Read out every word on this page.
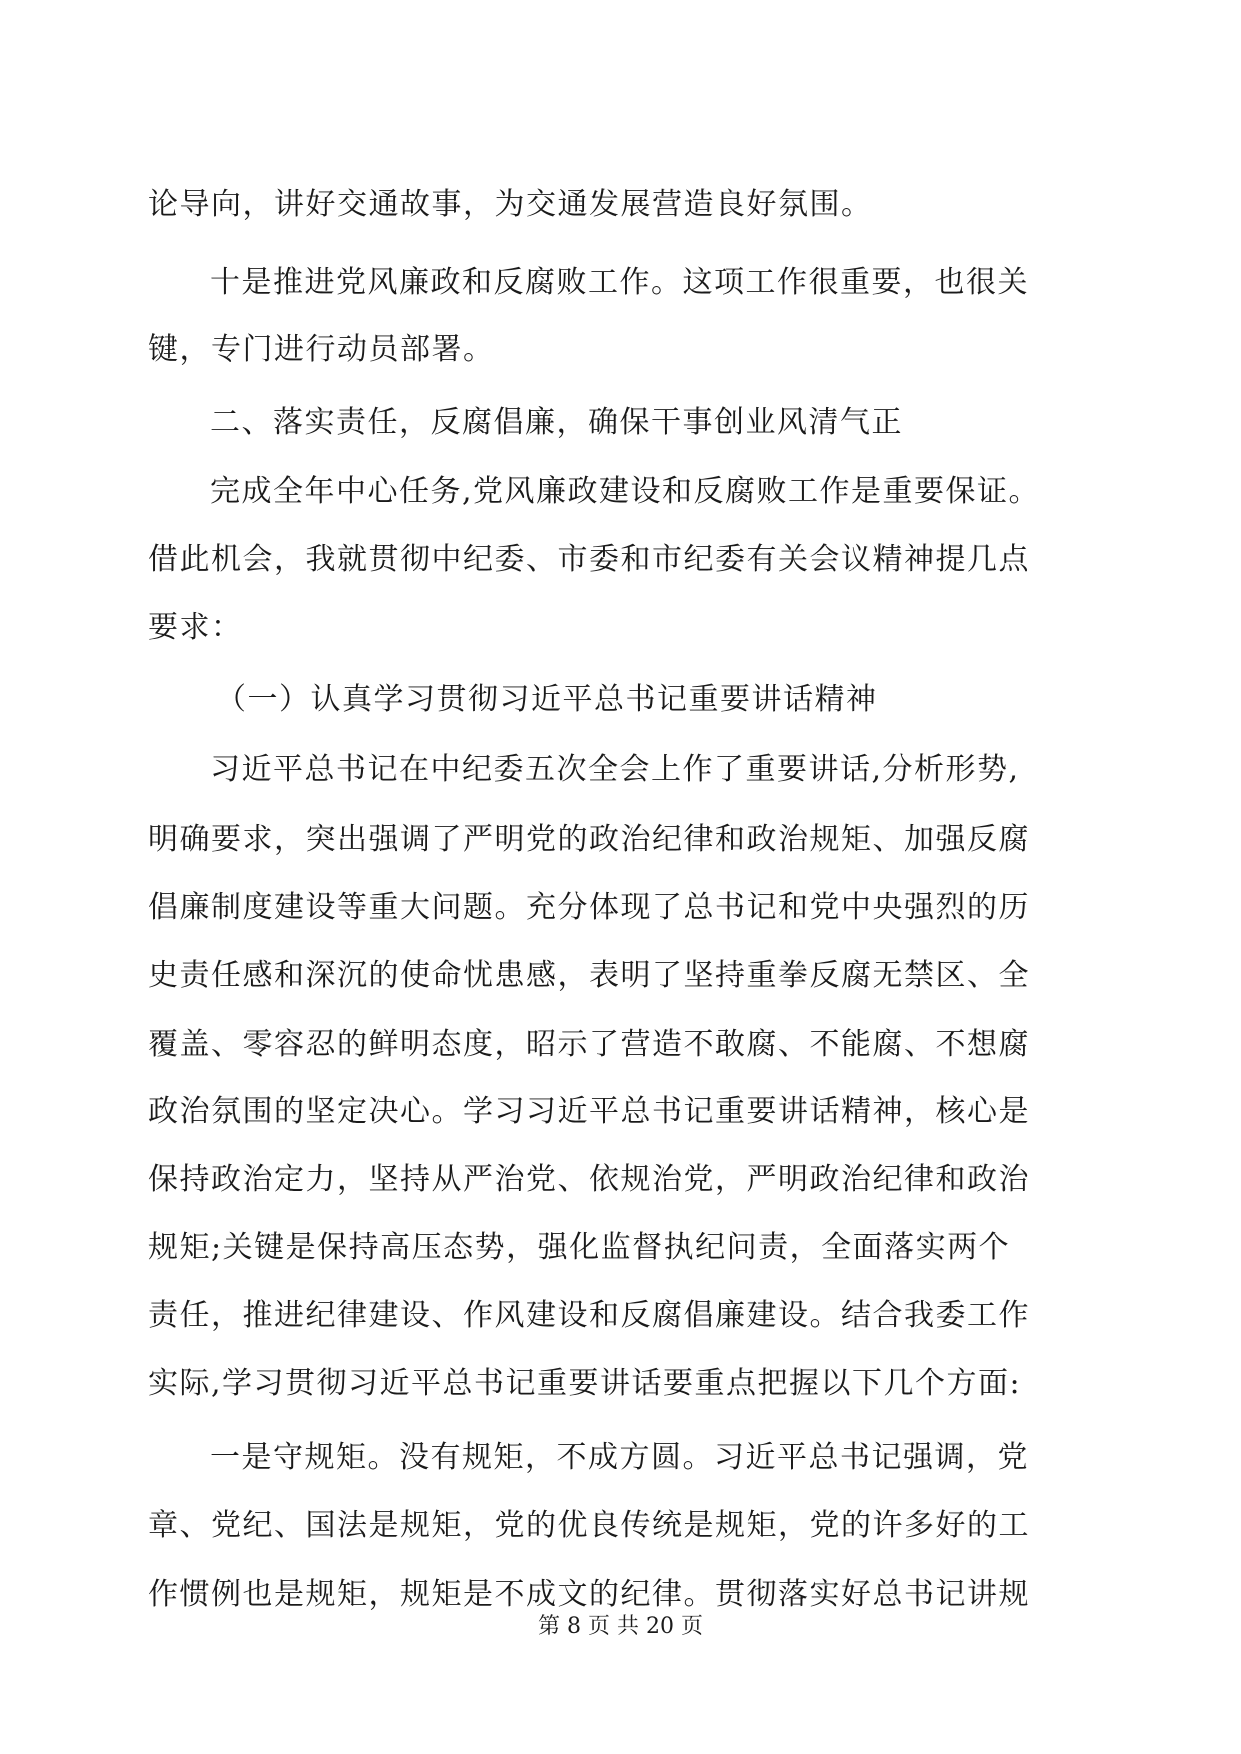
论导向，讲好交通故事，为交通发展营造良好氛围。
十是推进党风廉政和反腐败工作。这项工作很重要，也很关
键，专门进行动员部署。
二、落实责任，反腐倡廉，确保干事创业风清气正
完成全年中心任务,党风廉政建设和反腐败工作是重要保证。
借此机会，我就贯彻中纪委、市委和市纪委有关会议精神提几点
要求：
（一）认真学习贯彻习近平总书记重要讲话精神
习近平总书记在中纪委五次全会上作了重要讲话,分析形势,
明确要求，突出强调了严明党的政治纪律和政治规矩、加强反腐
倡廉制度建设等重大问题。充分体现了总书记和党中央强烈的历
史责任感和深沉的使命忧患感，表明了坚持重拳反腐无禁区、全
覆盖、零容忍的鲜明态度，昭示了营造不敢腐、不能腐、不想腐
政治氛围的坚定决心。学习习近平总书记重要讲话精神，核心是
保持政治定力，坚持从严治党、依规治党，严明政治纪律和政治
规矩;关键是保持高压态势，强化监督执纪问责，全面落实两个
责任，推进纪律建设、作风建设和反腐倡廉建设。结合我委工作
实际,学习贯彻习近平总书记重要讲话要重点把握以下几个方面:
一是守规矩。没有规矩，不成方圆。习近平总书记强调，党
章、党纪、国法是规矩，党的优良传统是规矩，党的许多好的工
作惯例也是规矩，规矩是不成文的纪律。贯彻落实好总书记讲规
第 8 页 共 20 页
